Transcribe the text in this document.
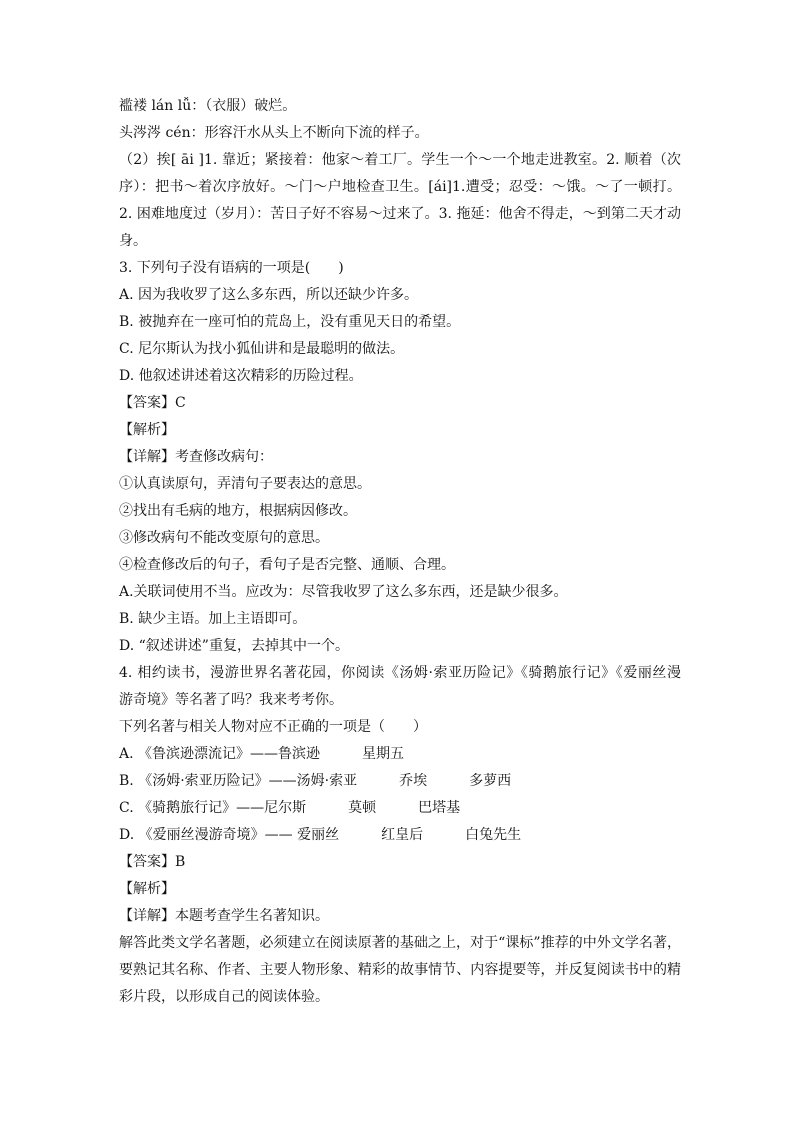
褴褛 lán lǚ：（衣服）破烂。
头涔涔 cén：形容汗水从头上不断向下流的样子。
（2）挨[ āi ]1. 靠近；紧接着：他家～着工厂。学生一个～一个地走进教室。2. 顺着（次
序）：把书～着次序放好。～门～户地检查卫生。[ái]1.遭受；忍受：～饿。～了一顿打。
2. 困难地度过（岁月）：苦日子好不容易～过来了。3. 拖延：他舍不得走，～到第二天才动
身。
3. 下列句子没有语病的一项是(　　)
A. 因为我收罗了这么多东西，所以还缺少许多。
B. 被抛弃在一座可怕的荒岛上，没有重见天日的希望。
C. 尼尔斯认为找小狐仙讲和是最聪明的做法。
D. 他叙述讲述着这次精彩的历险过程。
【答案】C
【解析】
【详解】考查修改病句：
①认真读原句，弄清句子要表达的意思。
②找出有毛病的地方，根据病因修改。
③修改病句不能改变原句的意思。
④检查修改后的句子，看句子是否完整、通顺、合理。
A.关联词使用不当。应改为：尽管我收罗了这么多东西，还是缺少很多。
B. 缺少主语。加上主语即可。
D. “叙述讲述”重复，去掉其中一个。
4. 相约读书，漫游世界名著花园，你阅读《汤姆·索亚历险记》《骑鹅旅行记》《爱丽丝漫
游奇境》等名著了吗？我来考考你。
下列名著与相关人物对应不正确的一项是（　　）
A. 《鲁滨逊漂流记》——鲁滨逊　　　星期五
B. 《汤姆·索亚历险记》——汤姆·索亚　　　乔埃　　　多萝西
C. 《骑鹅旅行记》——尼尔斯　　　莫顿　　　巴塔基
D. 《爱丽丝漫游奇境》—— 爱丽丝　　　红皇后　　　白兔先生
【答案】B
【解析】
【详解】本题考查学生名著知识。
解答此类文学名著题，必须建立在阅读原著的基础之上，对于“课标”推荐的中外文学名著，
要熟记其名称、作者、主要人物形象、精彩的故事情节、内容提要等，并反复阅读书中的精
彩片段，以形成自己的阅读体验。
